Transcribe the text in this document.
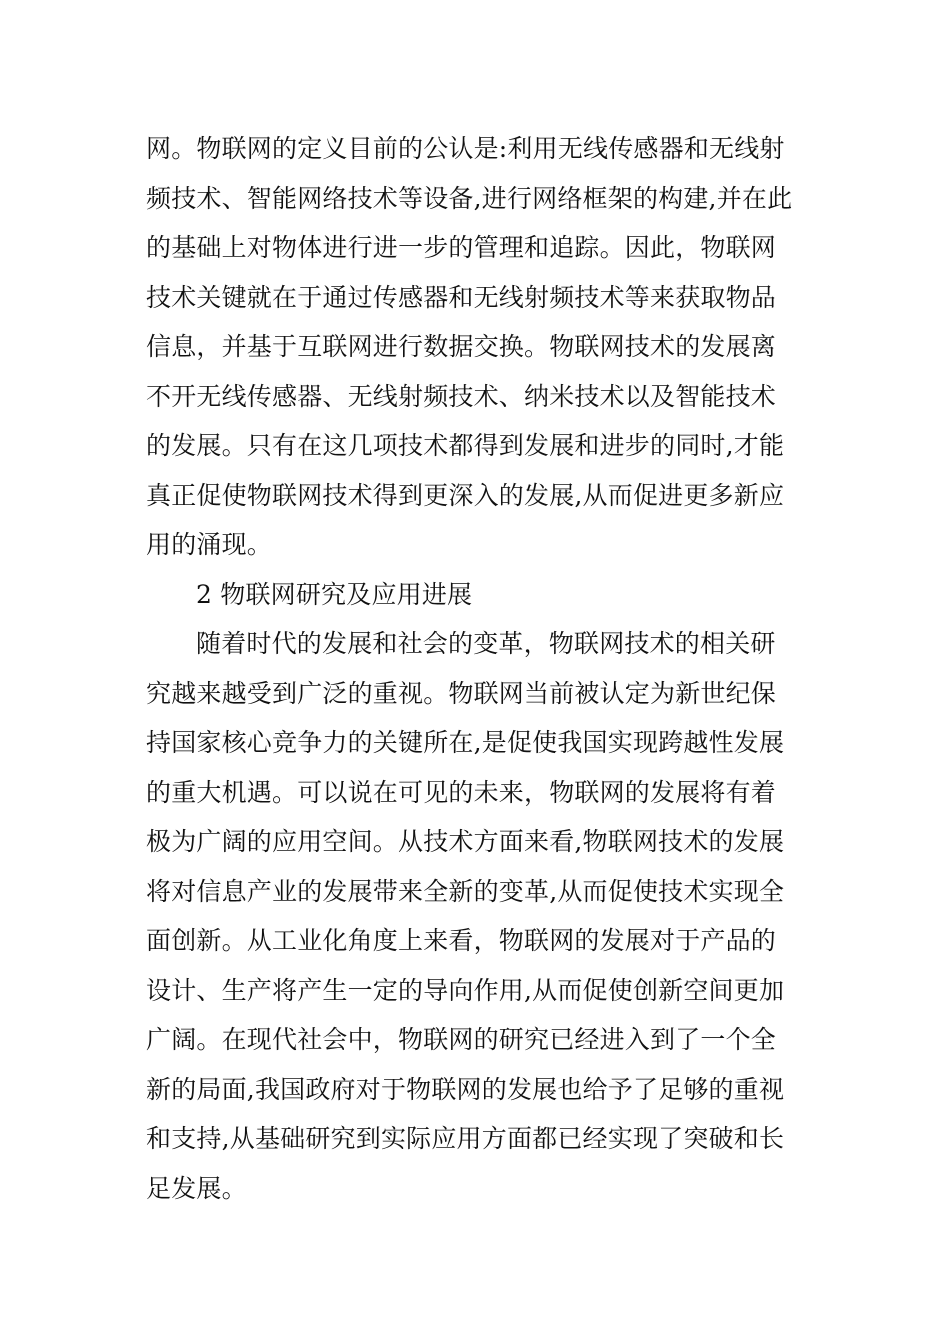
网。物联网的定义目前的公认是:利用无线传感器和无线射
频技术、智能网络技术等设备,进行网络框架的构建,并在此
的基础上对物体进行进一步的管理和追踪。因此，物联网
技术关键就在于通过传感器和无线射频技术等来获取物品
信息，并基于互联网进行数据交换。物联网技术的发展离
不开无线传感器、无线射频技术、纳米技术以及智能技术
的发展。只有在这几项技术都得到发展和进步的同时,才能
真正促使物联网技术得到更深入的发展,从而促进更多新应
用的涌现。
2 物联网研究及应用进展
随着时代的发展和社会的变革，物联网技术的相关研
究越来越受到广泛的重视。物联网当前被认定为新世纪保
持国家核心竞争力的关键所在,是促使我国实现跨越性发展
的重大机遇。可以说在可见的未来，物联网的发展将有着
极为广阔的应用空间。从技术方面来看,物联网技术的发展
将对信息产业的发展带来全新的变革,从而促使技术实现全
面创新。从工业化角度上来看，物联网的发展对于产品的
设计、生产将产生一定的导向作用,从而促使创新空间更加
广阔。在现代社会中，物联网的研究已经进入到了一个全
新的局面,我国政府对于物联网的发展也给予了足够的重视
和支持,从基础研究到实际应用方面都已经实现了突破和长
足发展。
